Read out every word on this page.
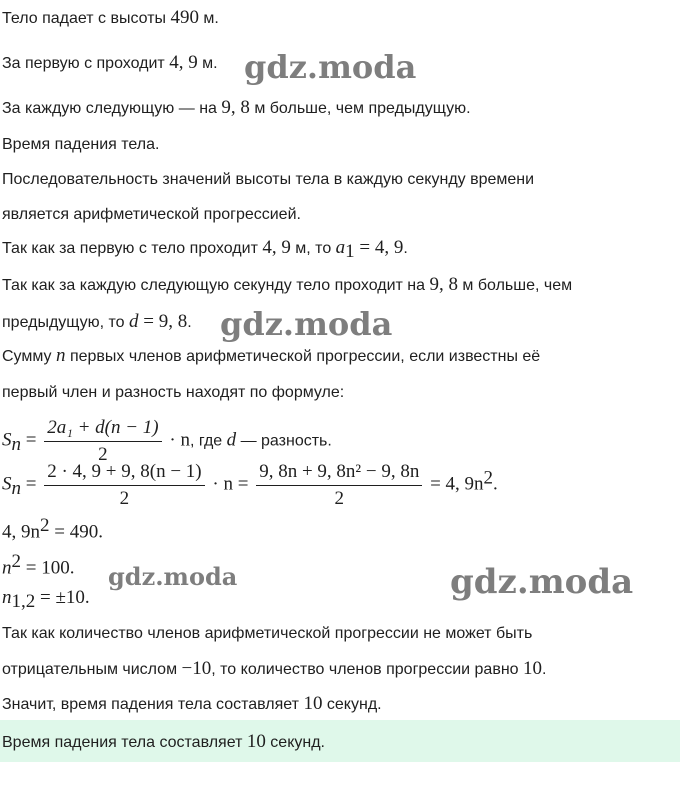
Тело падает с высоты 490 м.
За первую с проходит 4, 9 м.
За каждую следующую — на 9, 8 м больше, чем предыдущую.
Время падения тела.
Последовательность значений высоты тела в каждую секунду времени
является арифметической прогрессией.
Так как за первую с тело проходит 4, 9 м, то $a_1 = 4$, 9.
Так как за каждую следующую секунду тело проходит на 9, 8 м больше, чем
предыдущую, то d = 9, 8.
Сумму n первых членов арифметической прогрессии, если известны её
первый член и разность находят по формуле:
$S_n = \frac{\text{2a₁ + d(n − 1)}}{2} \cdot n$, где d — разность.
$S_n = \frac{2 \cdot 4, 9 + 9, 8(n - 1)}{2} \cdot n = \frac{\text{9, 8n + 9, 8n² − 9, 8n}}{2} = 4$, $9n^2$.
4, $9n^2 = 490$.
$n^2 = 100$.
$n_{1,2} = \pm 10$.
Так как количество членов арифметической прогрессии не может быть
отрицательным числом −10, то количество членов прогрессии равно 10.
Значит, время падения тела составляет 10 секунд.
Время падения тела составляет 10 секунд.
gdz.moda
gdz.moda
gdz.moda	gdz.moda
